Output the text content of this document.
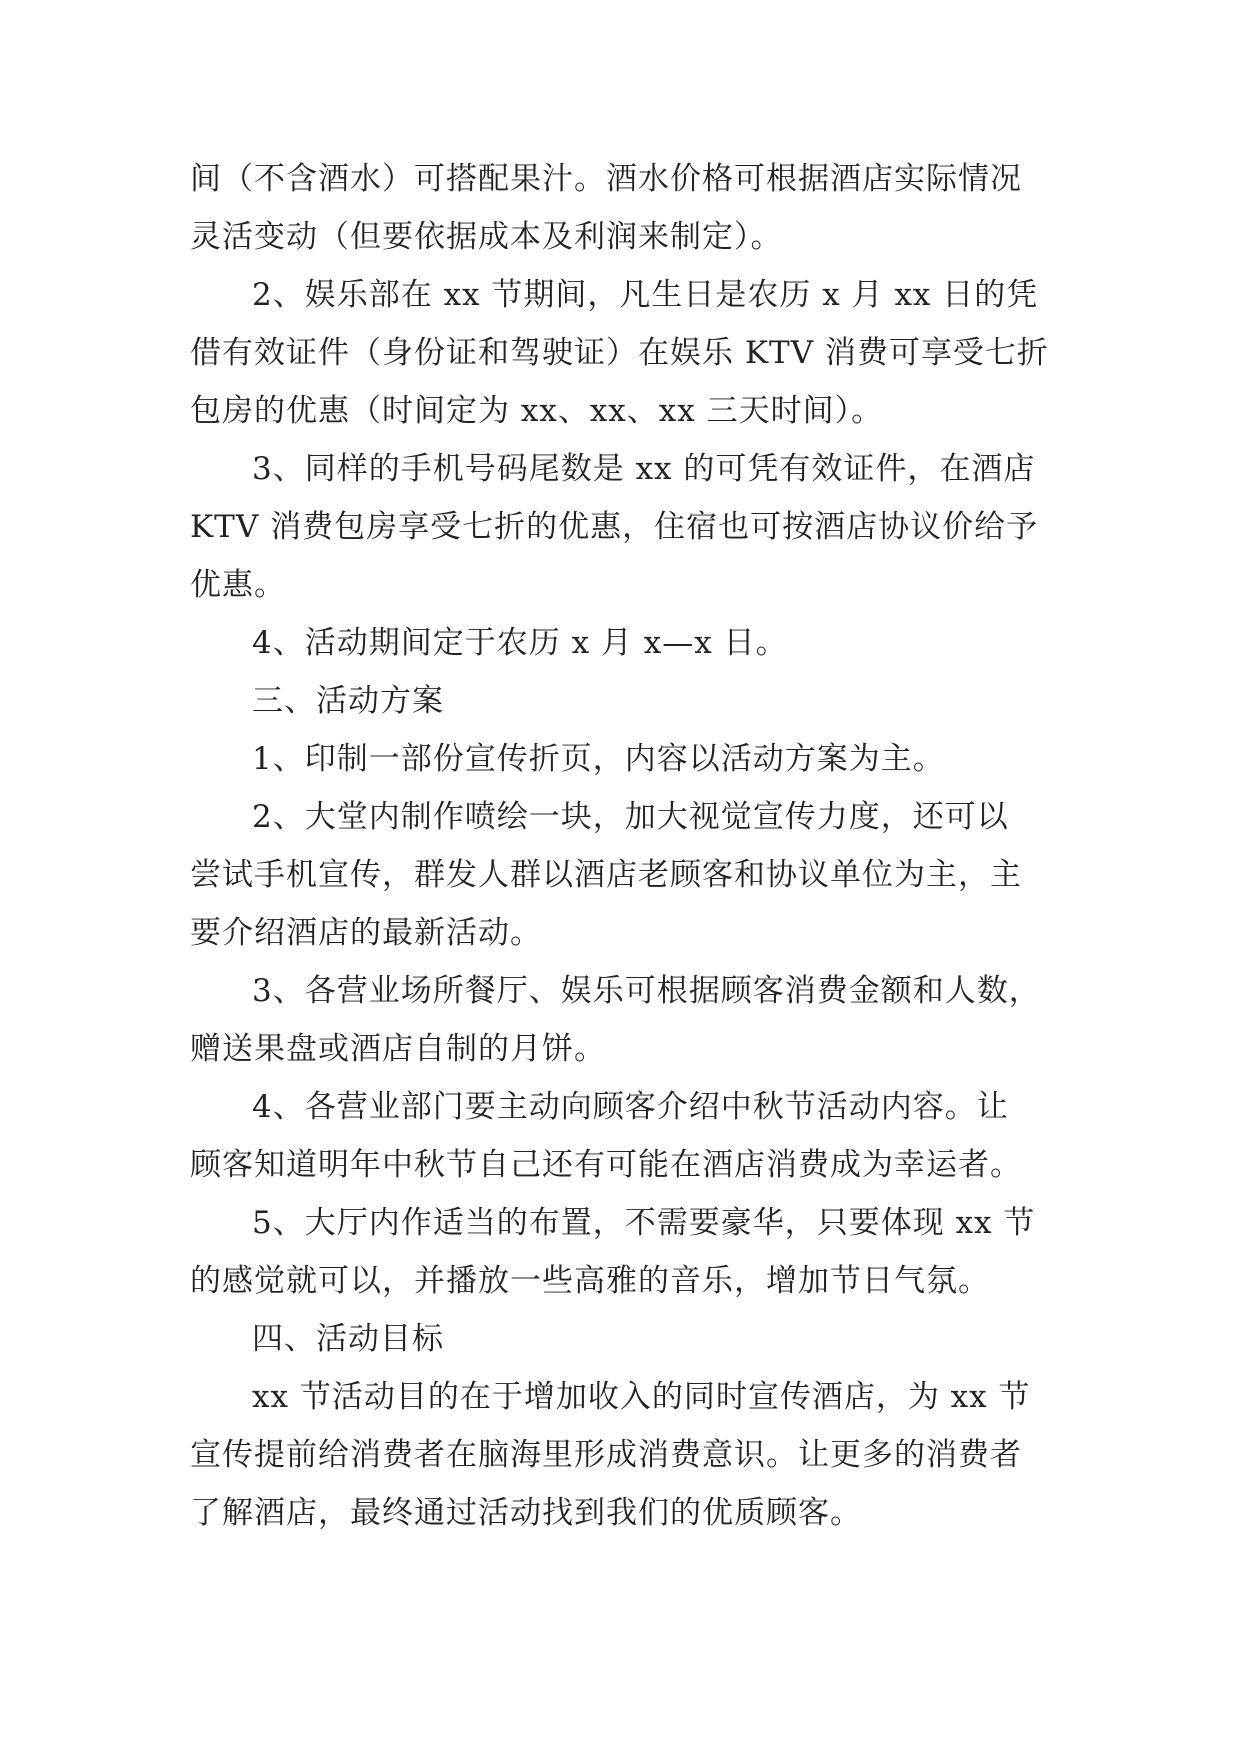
间（不含酒水）可搭配果汁。酒水价格可根据酒店实际情况
灵活变动（但要依据成本及利润来制定）。
2、娱乐部在 xx 节期间，凡生日是农历 x 月 xx 日的凭
借有效证件（身份证和驾驶证）在娱乐 KTV 消费可享受七折
包房的优惠（时间定为 xx、xx、xx 三天时间）。
3、同样的手机号码尾数是 xx 的可凭有效证件，在酒店
KTV 消费包房享受七折的优惠，住宿也可按酒店协议价给予
优惠。
4、活动期间定于农历 x 月 x—x 日。
三、活动方案
1、印制一部份宣传折页，内容以活动方案为主。
2、大堂内制作喷绘一块，加大视觉宣传力度，还可以
尝试手机宣传，群发人群以酒店老顾客和协议单位为主，主
要介绍酒店的最新活动。
3、各营业场所餐厅、娱乐可根据顾客消费金额和人数，
赠送果盘或酒店自制的月饼。
4、各营业部门要主动向顾客介绍中秋节活动内容。让
顾客知道明年中秋节自己还有可能在酒店消费成为幸运者。
5、大厅内作适当的布置，不需要豪华，只要体现 xx 节
的感觉就可以，并播放一些高雅的音乐，增加节日气氛。
四、活动目标
xx 节活动目的在于增加收入的同时宣传酒店，为 xx 节
宣传提前给消费者在脑海里形成消费意识。让更多的消费者
了解酒店，最终通过活动找到我们的优质顾客。
